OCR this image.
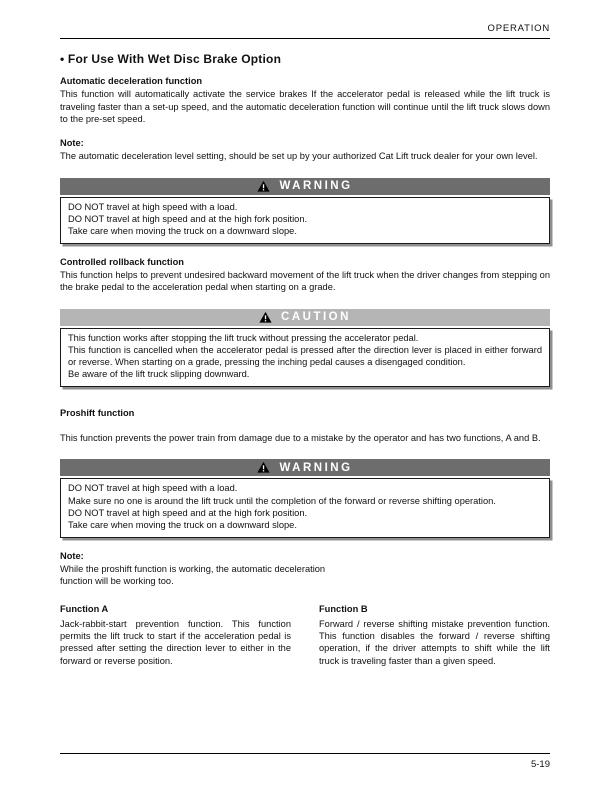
OPERATION
• For Use With Wet Disc Brake Option
Automatic deceleration function
This function will automatically activate the service brakes If the accelerator pedal is released while the lift truck is traveling faster than a set-up speed, and the automatic deceleration function will continue until the lift truck slows down to the pre-set speed.
Note:
The automatic deceleration level setting, should be set up by your authorized Cat Lift truck dealer for your own level.
WARNING
DO NOT travel at high speed with a load.
DO NOT travel at high speed and at the high fork position.
Take care when moving the truck on a downward slope.
Controlled rollback function
This function helps to prevent undesired backward movement of the lift truck when the driver changes from stepping on the brake pedal to the acceleration pedal when starting on a grade.
CAUTION
This function works after stopping the lift truck without pressing the accelerator pedal.
This function is cancelled when the accelerator pedal is pressed after the direction lever is placed in either forward or reverse. When starting on a grade, pressing the inching pedal causes a disengaged condition.
Be aware of the lift truck slipping downward.
Proshift function
This function prevents the power train from damage due to a mistake by the operator and has two functions, A and B.
WARNING
DO NOT travel at high speed with a load.
Make sure no one is around the lift truck until the completion of the forward or reverse shifting operation.
DO NOT travel at high speed and at the high fork position.
Take care when moving the truck on a downward slope.
Note:
While the proshift function is working, the automatic deceleration function will be working too.
Function A
Jack-rabbit-start prevention function. This function permits the lift truck to start if the acceleration pedal is pressed after setting the direction lever to either in the forward or reverse position.
Function B
Forward / reverse shifting mistake prevention function. This function disables the forward / reverse shifting operation, if the driver attempts to shift while the lift truck is traveling faster than a given speed.
5-19
